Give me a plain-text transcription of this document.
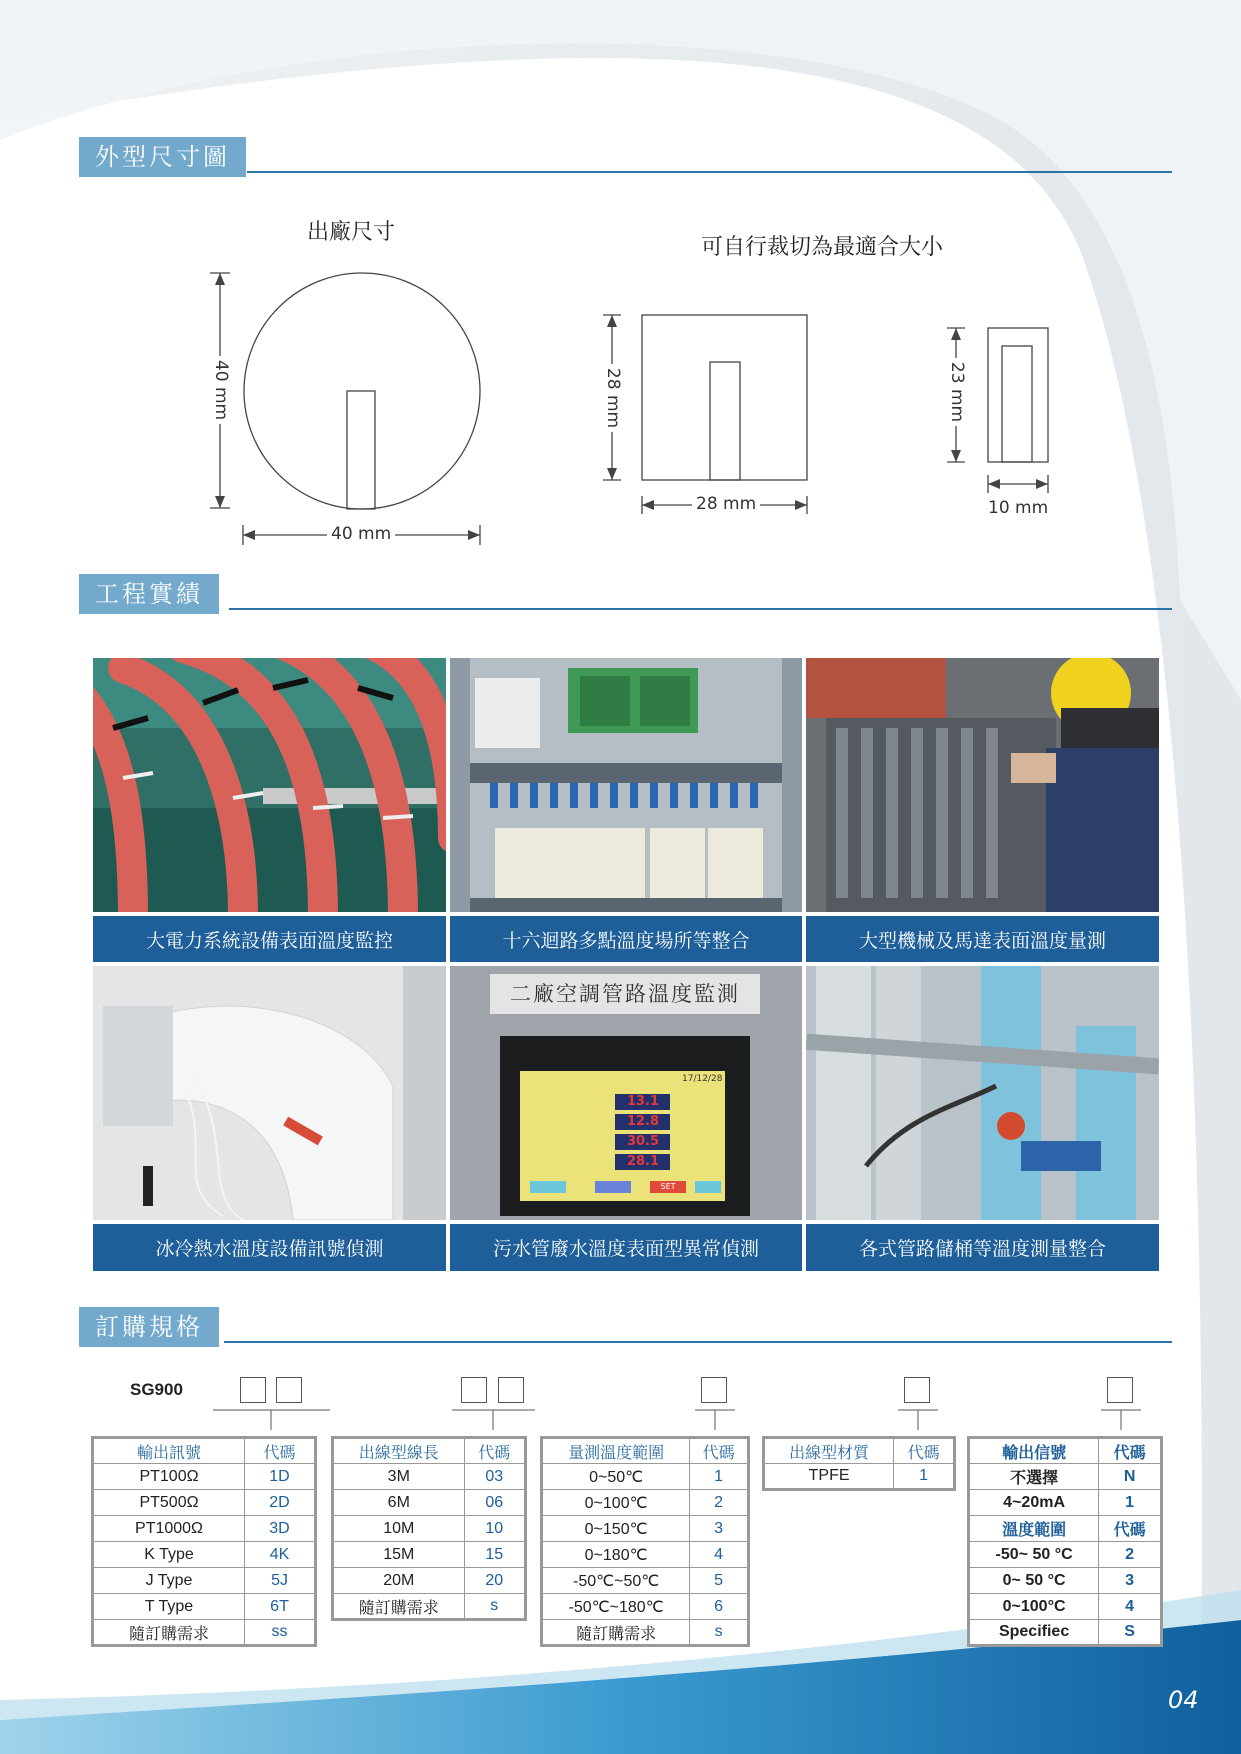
外型尺寸圖
出廠尺寸
可自行裁切為最適合大小
40 mm
40 mm
28 mm
28 mm
23 mm
10 mm
工程實績
大電力系統設備表面溫度監控	十六迴路多點溫度場所等整合	大型機械及馬達表面溫度量測
二廠空調管路溫度監測
17/12/28
13.1
12.8
30.5
28.1
SET
冰冷熱水溫度設備訊號偵測	污水管廢水溫度表面型異常偵測	各式管路儲桶等溫度測量整合
訂購規格
SG900
輸出訊號	代碼
PT100Ω	1D
PT500Ω	2D
PT1000Ω	3D
K Type	4K
J Type	5J
T Type	6T
隨訂購需求	ss
出線型線長	代碼
3M	03
6M	06
10M	10
15M	15
20M	20
隨訂購需求	s
量測溫度範圍	代碼
0~50℃	1
0~100℃	2
0~150℃	3
0~180℃	4
-50℃~50℃	5
-50℃~180℃	6
隨訂購需求	s
出線型材質	代碼
TPFE	1
輸出信號	代碼
不選擇	N
4~20mA	1
溫度範圍	代碼
-50~ 50 °C	2
0~ 50 °C	3
0~100°C	4
Specifiec	S
04
